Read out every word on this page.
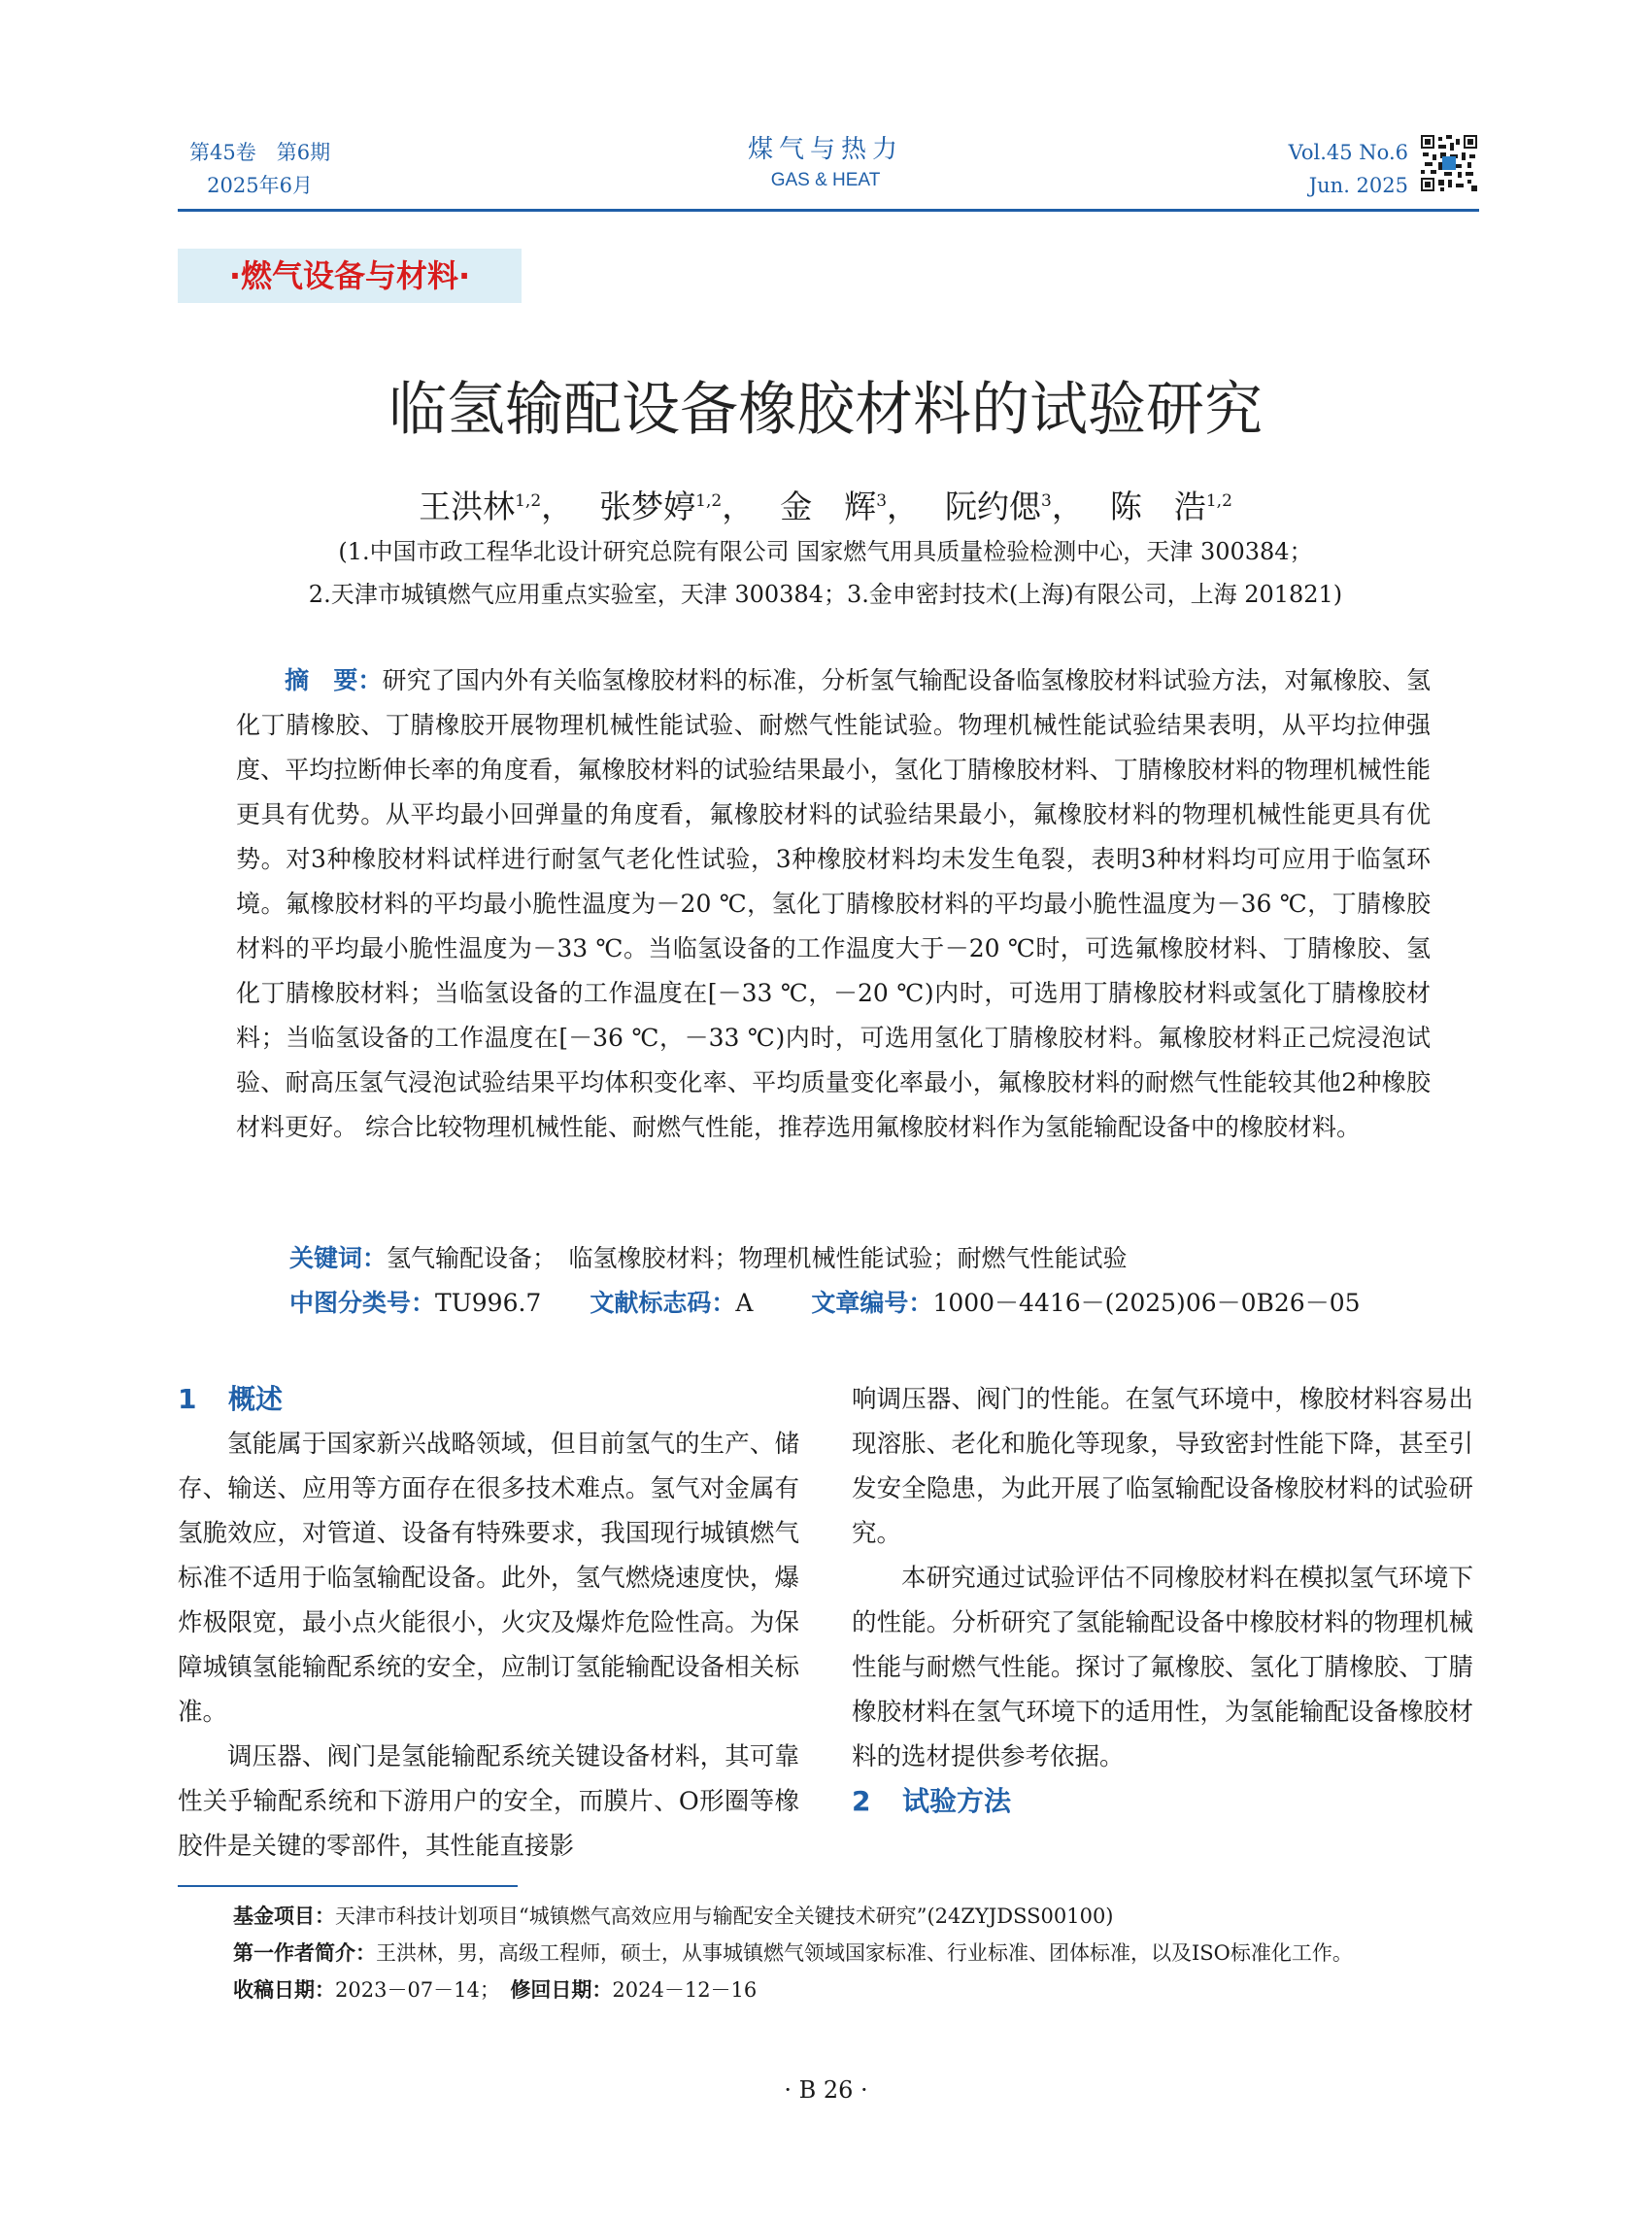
第45卷　第6期
2025年6月
煤气与热力
GAS & HEAT
Vol.45 No.6
Jun. 2025
·燃气设备与材料·
临氢输配设备橡胶材料的试验研究
王洪林$^{1,2}$，　 张梦婷$^{1,2}$，　 金　辉$^3$，　 阮约偲$^3$，　 陈　浩$^{1,2}$
(1.中国市政工程华北设计研究总院有限公司 国家燃气用具质量检验检测中心，天津 300384；
2.天津市城镇燃气应用重点实验室，天津 300384；3.金申密封技术(上海)有限公司，上海 201821)
摘　要：研究了国内外有关临氢橡胶材料的标准，分析氢气输配设备临氢橡胶材料试验方法，对氟橡胶、氢化丁腈橡胶、丁腈橡胶开展物理机械性能试验、耐燃气性能试验。物理机械性能试验结果表明，从平均拉伸强度、平均拉断伸长率的角度看，氟橡胶材料的试验结果最小，氢化丁腈橡胶材料、丁腈橡胶材料的物理机械性能更具有优势。从平均最小回弹量的角度看，氟橡胶材料的试验结果最小，氟橡胶材料的物理机械性能更具有优势。对3种橡胶材料试样进行耐氢气老化性试验，3种橡胶材料均未发生龟裂，表明3种材料均可应用于临氢环境。氟橡胶材料的平均最小脆性温度为－20 ℃，氢化丁腈橡胶材料的平均最小脆性温度为－36 ℃，丁腈橡胶材料的平均最小脆性温度为－33 ℃。当临氢设备的工作温度大于－20 ℃时，可选氟橡胶材料、丁腈橡胶、氢化丁腈橡胶材料；当临氢设备的工作温度在[－33 ℃，－20 ℃)内时，可选用丁腈橡胶材料或氢化丁腈橡胶材料；当临氢设备的工作温度在[－36 ℃，－33 ℃)内时，可选用氢化丁腈橡胶材料。氟橡胶材料正己烷浸泡试验、耐高压氢气浸泡试验结果平均体积变化率、平均质量变化率最小，氟橡胶材料的耐燃气性能较其他2种橡胶材料更好。 综合比较物理机械性能、耐燃气性能，推荐选用氟橡胶材料作为氢能输配设备中的橡胶材料。
关键词：氢气输配设备；　临氢橡胶材料；物理机械性能试验；耐燃气性能试验
中图分类号：TU996.7 文献标志码：A 文章编号：1000－4416－(2025)06－0B26－05

1 概述

氢能属于国家新兴战略领域，但目前氢气的生产、储存、输送、应用等方面存在很多技术难点。氢气对金属有氢脆效应，对管道、设备有特殊要求，我国现行城镇燃气标准不适用于临氢输配设备。此外，氢气燃烧速度快，爆炸极限宽，最小点火能很小，火灾及爆炸危险性高。为保障城镇氢能输配系统的安全，应制订氢能输配设备相关标准。

调压器、阀门是氢能输配系统关键设备材料，其可靠性关乎输配系统和下游用户的安全，而膜片、O形圈等橡胶件是关键的零部件，其性能直接影

响调压器、阀门的性能。在氢气环境中，橡胶材料容易出现溶胀、老化和脆化等现象，导致密封性能下降，甚至引发安全隐患，为此开展了临氢输配设备橡胶材料的试验研究。

本研究通过试验评估不同橡胶材料在模拟氢气环境下的性能。分析研究了氢能输配设备中橡胶材料的物理机械性能与耐燃气性能。探讨了氟橡胶、氢化丁腈橡胶、丁腈橡胶材料在氢气环境下的适用性，为氢能输配设备橡胶材料的选材提供参考依据。

2 试验方法

基金项目：天津市科技计划项目“城镇燃气高效应用与输配安全关键技术研究”(24ZYJDSS00100)
第一作者简介：王洪林，男，高级工程师，硕士，从事城镇燃气领域国家标准、行业标准、团体标准，以及ISO标准化工作。
收稿日期：2023－07－14；　 修回日期：2024－12－16
· B 26 ·
